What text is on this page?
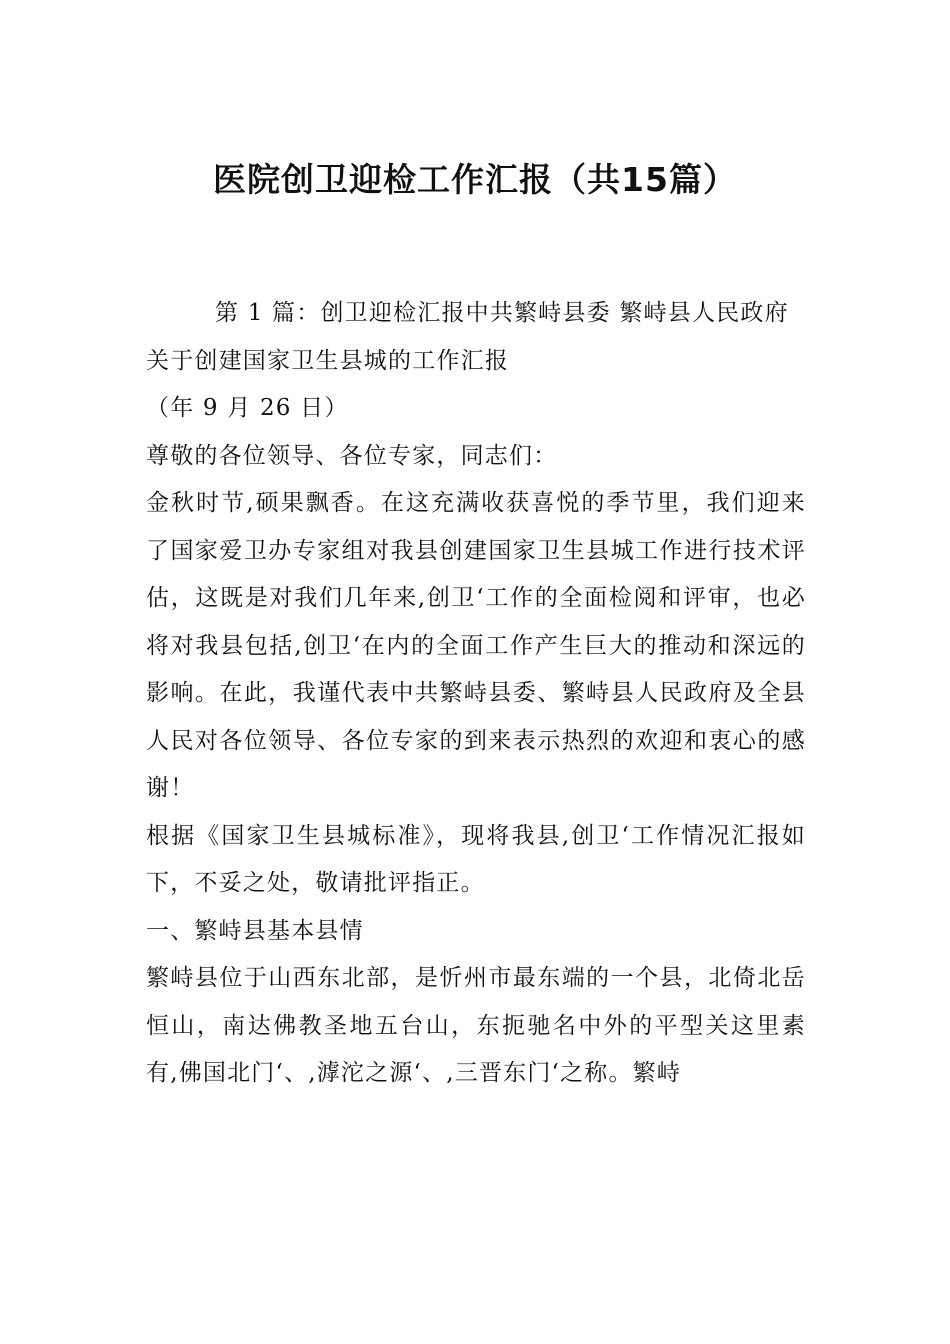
医院创卫迎检工作汇报（共15篇）

第 1 篇：创卫迎检汇报中共繁峙县委 繁峙县人民政府

关于创建国家卫生县城的工作汇报

（年 9 月 26 日）

尊敬的各位领导、各位专家，同志们：

金秋时节,硕果飘香。在这充满收获喜悦的季节里，我们迎来了国家爱卫办专家组对我县创建国家卫生县城工作进行技术评估，这既是对我们几年来,创卫‘工作的全面检阅和评审，也必将对我县包括,创卫‘在内的全面工作产生巨大的推动和深远的影响。在此，我谨代表中共繁峙县委、繁峙县人民政府及全县人民对各位领导、各位专家的到来表示热烈的欢迎和衷心的感谢！

根据《国家卫生县城标准》，现将我县,创卫‘工作情况汇报如下，不妥之处，敬请批评指正。

一、繁峙县基本县情

繁峙县位于山西东北部，是忻州市最东端的一个县，北倚北岳恒山，南达佛教圣地五台山，东扼驰名中外的平型关这里素有,佛国北门‘、,滹沱之源‘、,三晋东门‘之称。繁峙
